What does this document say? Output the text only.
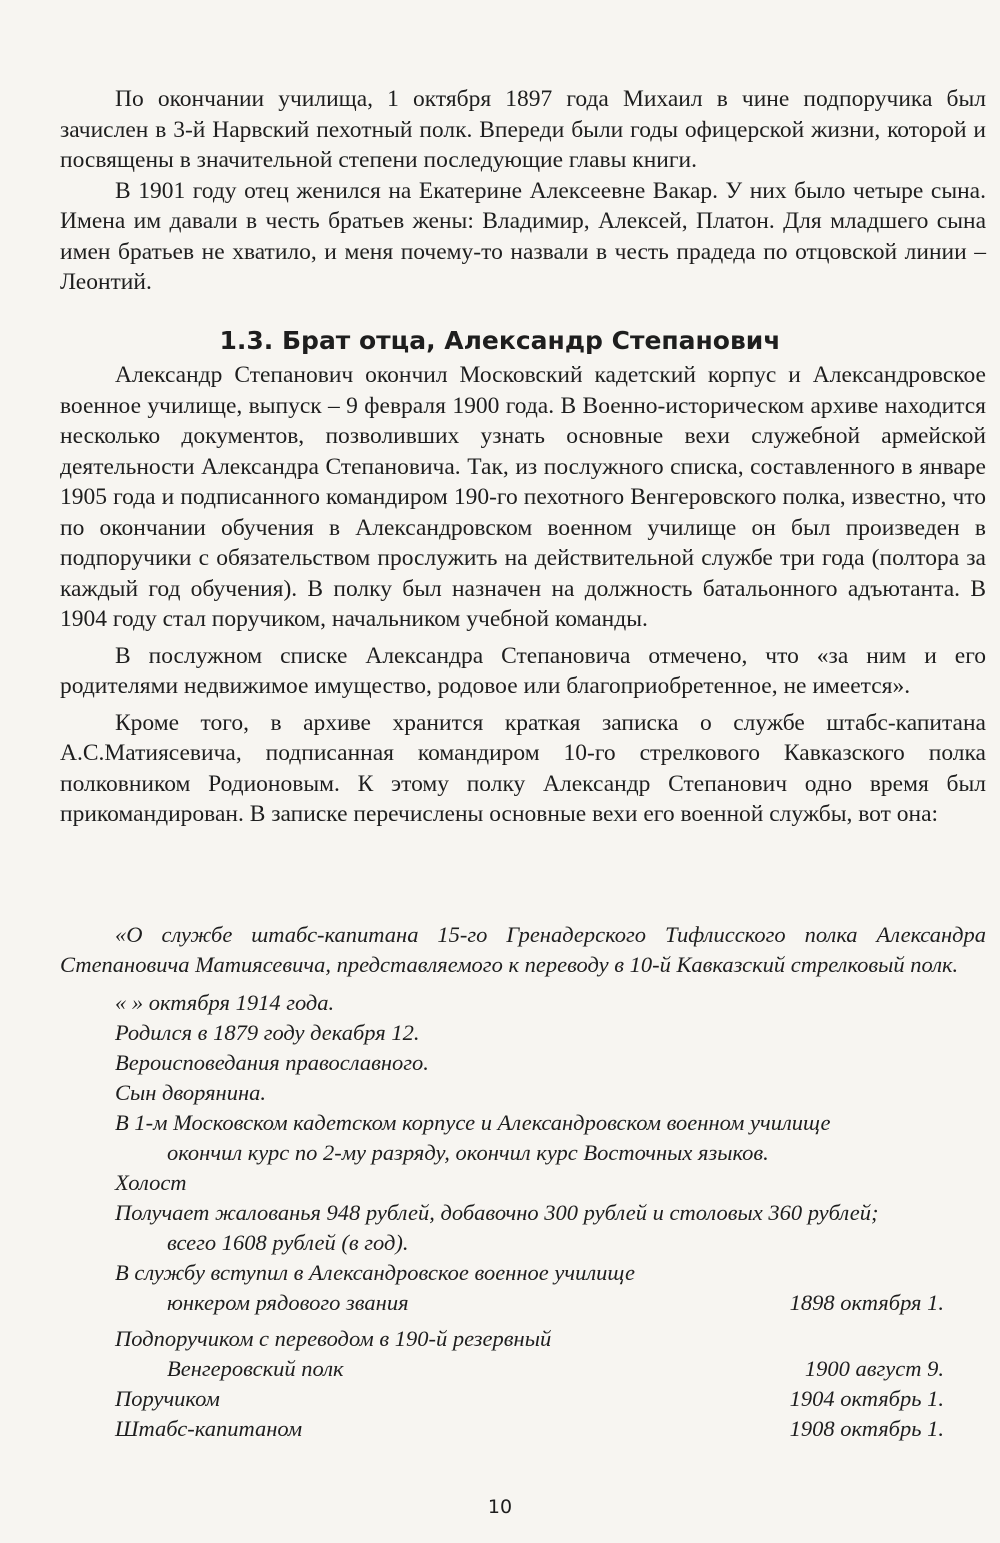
По окончании училища, 1 октября 1897 года Михаил в чине подпоручика был зачислен в 3-й Нарвский пехотный полк. Впереди были годы офицерской жизни, которой и посвящены в значительной степени последующие главы книги.

В 1901 году отец женился на Екатерине Алексеевне Вакар. У них было четыре сына. Имена им давали в честь братьев жены: Владимир, Алексей, Платон. Для младшего сына имен братьев не хватило, и меня почему-то назвали в честь прадеда по отцовской линии – Леонтий.

1.3. Брат отца, Александр Степанович

Александр Степанович окончил Московский кадетский корпус и Александровское военное училище, выпуск – 9 февраля 1900 года. В Военно-историческом архиве находится несколько документов, позволивших узнать основные вехи служебной армейской деятельности Александра Степановича. Так, из послужного списка, составленного в январе 1905 года и подписанного командиром 190-го пехотного Венгеровского полка, известно, что по окончании обучения в Александровском военном училище он был произведен в подпоручики с обязательством прослужить на действительной службе три года (полтора за каждый год обучения). В полку был назначен на должность батальонного адъютанта. В 1904 году стал поручиком, начальником учебной команды.

В послужном списке Александра Степановича отмечено, что «за ним и его родителями недвижимое имущество, родовое или благоприобретенное, не имеется».

Кроме того, в архиве хранится краткая записка о службе штабс-капитана А.С.Матиясевича, подписанная командиром 10-го стрелкового Кавказского полка полковником Родионовым. К этому полку Александр Степанович одно время был прикомандирован. В записке перечислены основные вехи его военной службы, вот она:

«О службе штабс-капитана 15-го Гренадерского Тифлисского полка Александра Степановича Матиясевича, представляемого к переводу в 10-й Кавказский стрелковый полк.

« » октября 1914 года.

Родился в 1879 году декабря 12.

Вероисповедания православного.

Сын дворянина.

В 1-м Московском кадетском корпусе и Александровском военном училище
окончил курс по 2-му разряду, окончил курс Восточных языков.

Холост

Получает жалованья 948 рублей, добавочно 300 рублей и столовых 360 рублей;
всего 1608 рублей (в год).
В службу вступил в Александровское военное училище
юнкером рядового звания	1898 октября 1.
Подпоручиком с переводом в 190-й резервный
Венгеровский полк	1900 август 9.
Поручиком	1904 октябрь 1.
Штабс-капитаном	1908 октябрь 1.
10
